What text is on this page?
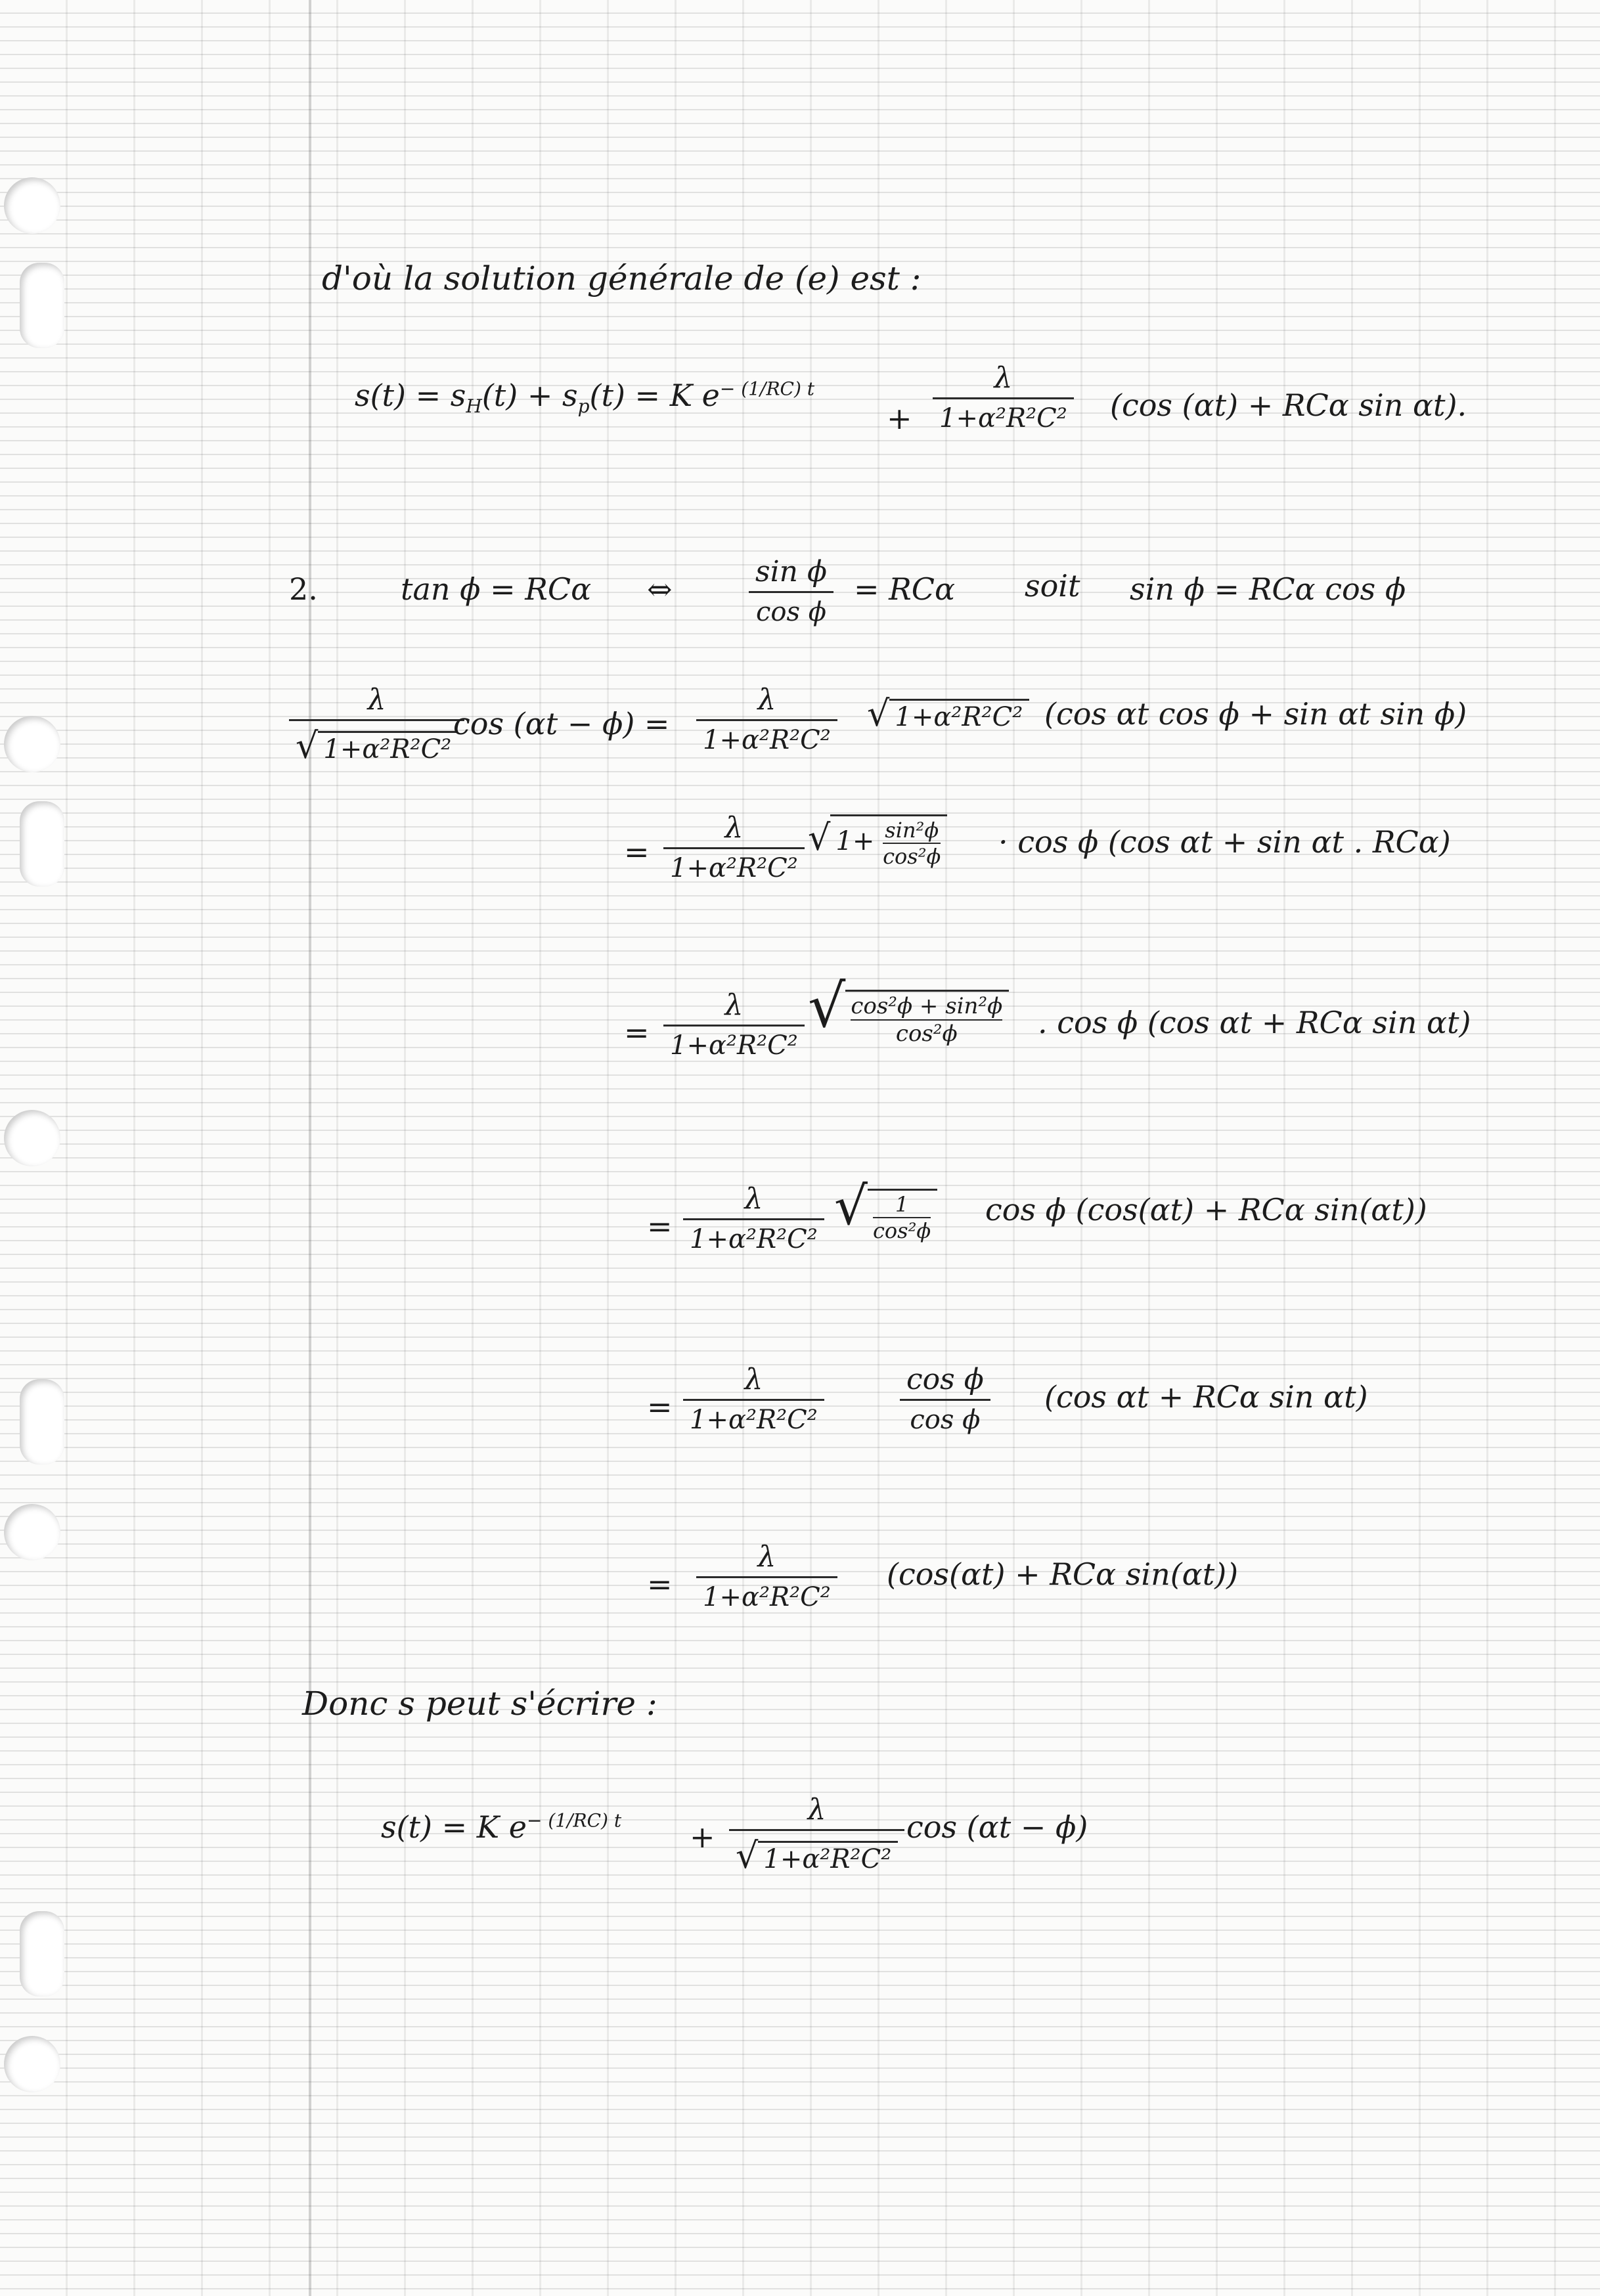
d'où la solution générale de (e) est :
$s(t) = s_H(t) + s_p(t) = K$ $e^{- (1/RC) t}$
+
λ
1+α²R²C² (cos (αt) + RCα sin αt).
2.	tan ϕ = RCα ⇔	sin ϕ
cos ϕ
= RCα soit sin ϕ = RCα cos ϕ
λ
√ 1+α²R²C²
cos (αt − ϕ) =
λ
1+α²R²C²
√ 1+α²R²C² (cos αt cos ϕ + sin αt sin ϕ)
=
λ
1+α²R²C²
√ $1+ \frac{\text{sin²ϕ}}{\text{cos²ϕ}} \cdot \cos \phi$ (cos αt + sin αt . RCα)
=
λ
1+α²R²C²
√ $\frac{\text{cos²ϕ + sin²ϕ}}{\text{cos²ϕ}}$ . cos ϕ (cos αt + RCα sin αt)
=
λ
1+α²R²C²
√ $\frac{1}{\text{cos²ϕ}}$ cos ϕ (cos(αt) + RCα sin(αt))
=
λ
1+α²R²C²
cos ϕ
cos ϕ
(cos αt + RCα sin αt)
=
λ
1+α²R²C²
(cos(αt) + RCα sin(αt))
Donc s peut s'écrire :
s(t) = K $e^{- (1/RC) t}$ +
λ
√ 1+α²R²C²
cos (αt − ϕ)
